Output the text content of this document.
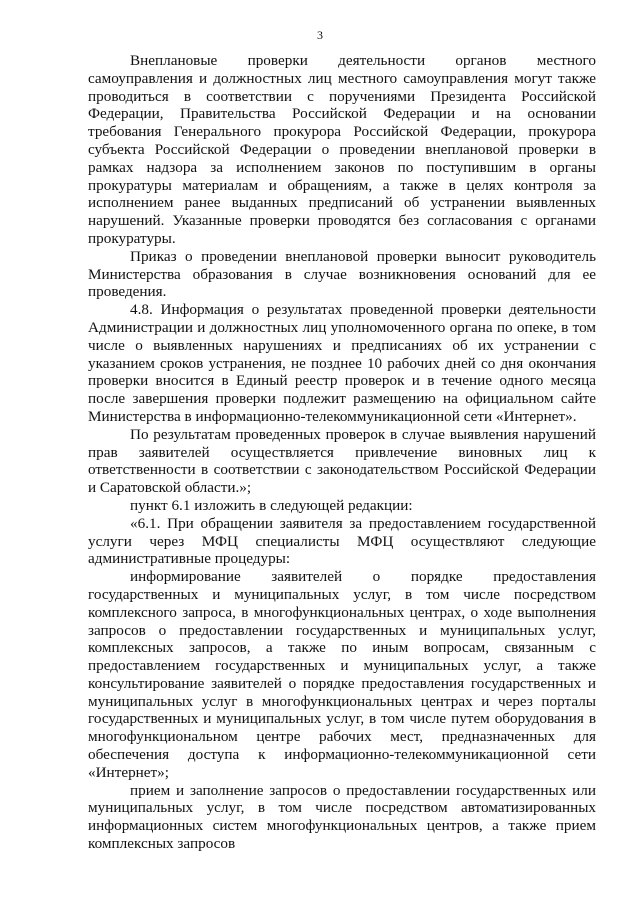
3

Внеплановые проверки деятельности органов местного самоуправления и должностных лиц местного самоуправления могут также проводиться в соответствии с поручениями Президента Российской Федерации, Правительства Российской Федерации и на основании требования Генерального прокурора Российской Федерации, прокурора субъекта Российской Федерации о проведении внеплановой проверки в рамках надзора за исполнением законов по поступившим в органы прокуратуры материалам и обращениям, а также в целях контроля за исполнением ранее выданных предписаний об устранении выявленных нарушений. Указанные проверки проводятся без согласования с органами прокуратуры.

Приказ о проведении внеплановой проверки выносит руководитель Министерства образования в случае возникновения оснований для ее проведения.

4.8. Информация о результатах проведенной проверки деятельности Администрации и должностных лиц уполномоченного органа по опеке, в том числе о выявленных нарушениях и предписаниях об их устранении с указанием сроков устранения, не позднее 10 рабочих дней со дня окончания проверки вносится в Единый реестр проверок и в течение одного месяца после завершения проверки подлежит размещению на официальном сайте Министерства в информационно-телекоммуникационной сети «Интернет».

По результатам проведенных проверок в случае выявления нарушений прав заявителей осуществляется привлечение виновных лиц к ответственности в соответствии с законодательством Российской Федерации и Саратовской области.»;

пункт 6.1 изложить в следующей редакции:

«6.1. При обращении заявителя за предоставлением государственной услуги через МФЦ специалисты МФЦ осуществляют следующие административные процедуры:

информирование заявителей о порядке предоставления государственных и муниципальных услуг, в том числе посредством комплексного запроса, в многофункциональных центрах, о ходе выполнения запросов о предоставлении государственных и муниципальных услуг, комплексных запросов, а также по иным вопросам, связанным с предоставлением государственных и муниципальных услуг, а также консультирование заявителей о порядке предоставления государственных и муниципальных услуг в многофункциональных центрах и через порталы государственных и муниципальных услуг, в том числе путем оборудования в многофункциональном центре рабочих мест, предназначенных для обеспечения доступа к информационно-телекоммуникационной сети «Интернет»;

прием и заполнение запросов о предоставлении государственных или муниципальных услуг, в том числе посредством автоматизированных информационных систем многофункциональных центров, а также прием комплексных запросов
